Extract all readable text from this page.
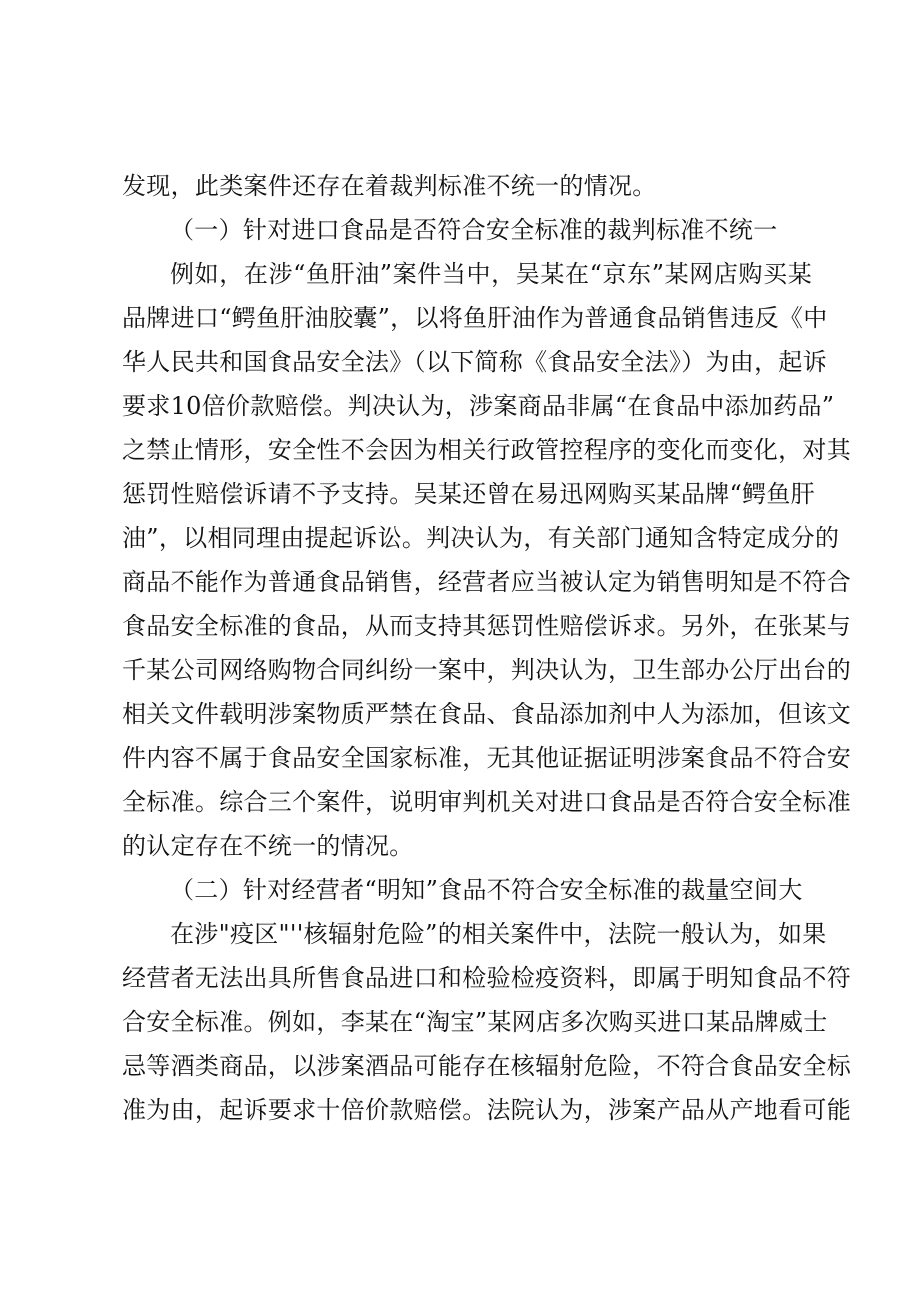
发现，此类案件还存在着裁判标准不统一的情况。
（一）针对进口食品是否符合安全标准的裁判标准不统一
例如，在涉“鱼肝油”案件当中，吴某在“京东”某网店购买某
品牌进口“鳄鱼肝油胶囊”，以将鱼肝油作为普通食品销售违反《中
华人民共和国食品安全法》（以下简称《食品安全法》）为由，起诉
要求10倍价款赔偿。判决认为，涉案商品非属“在食品中添加药品”
之禁止情形，安全性不会因为相关行政管控程序的变化而变化，对其
惩罚性赔偿诉请不予支持。吴某还曾在易迅网购买某品牌“鳄鱼肝
油”，以相同理由提起诉讼。判决认为，有关部门通知含特定成分的
商品不能作为普通食品销售，经营者应当被认定为销售明知是不符合
食品安全标准的食品，从而支持其惩罚性赔偿诉求。另外，在张某与
千某公司网络购物合同纠纷一案中，判决认为，卫生部办公厅出台的
相关文件载明涉案物质严禁在食品、食品添加剂中人为添加，但该文
件内容不属于食品安全国家标准，无其他证据证明涉案食品不符合安
全标准。综合三个案件，说明审判机关对进口食品是否符合安全标准
的认定存在不统一的情况。
（二）针对经营者“明知”食品不符合安全标准的裁量空间大
在涉"疫区"''核辐射危险”的相关案件中，法院一般认为，如果
经营者无法出具所售食品进口和检验检疫资料，即属于明知食品不符
合安全标准。例如，李某在“淘宝”某网店多次购买进口某品牌威士
忌等酒类商品，以涉案酒品可能存在核辐射危险，不符合食品安全标
准为由，起诉要求十倍价款赔偿。法院认为，涉案产品从产地看可能
